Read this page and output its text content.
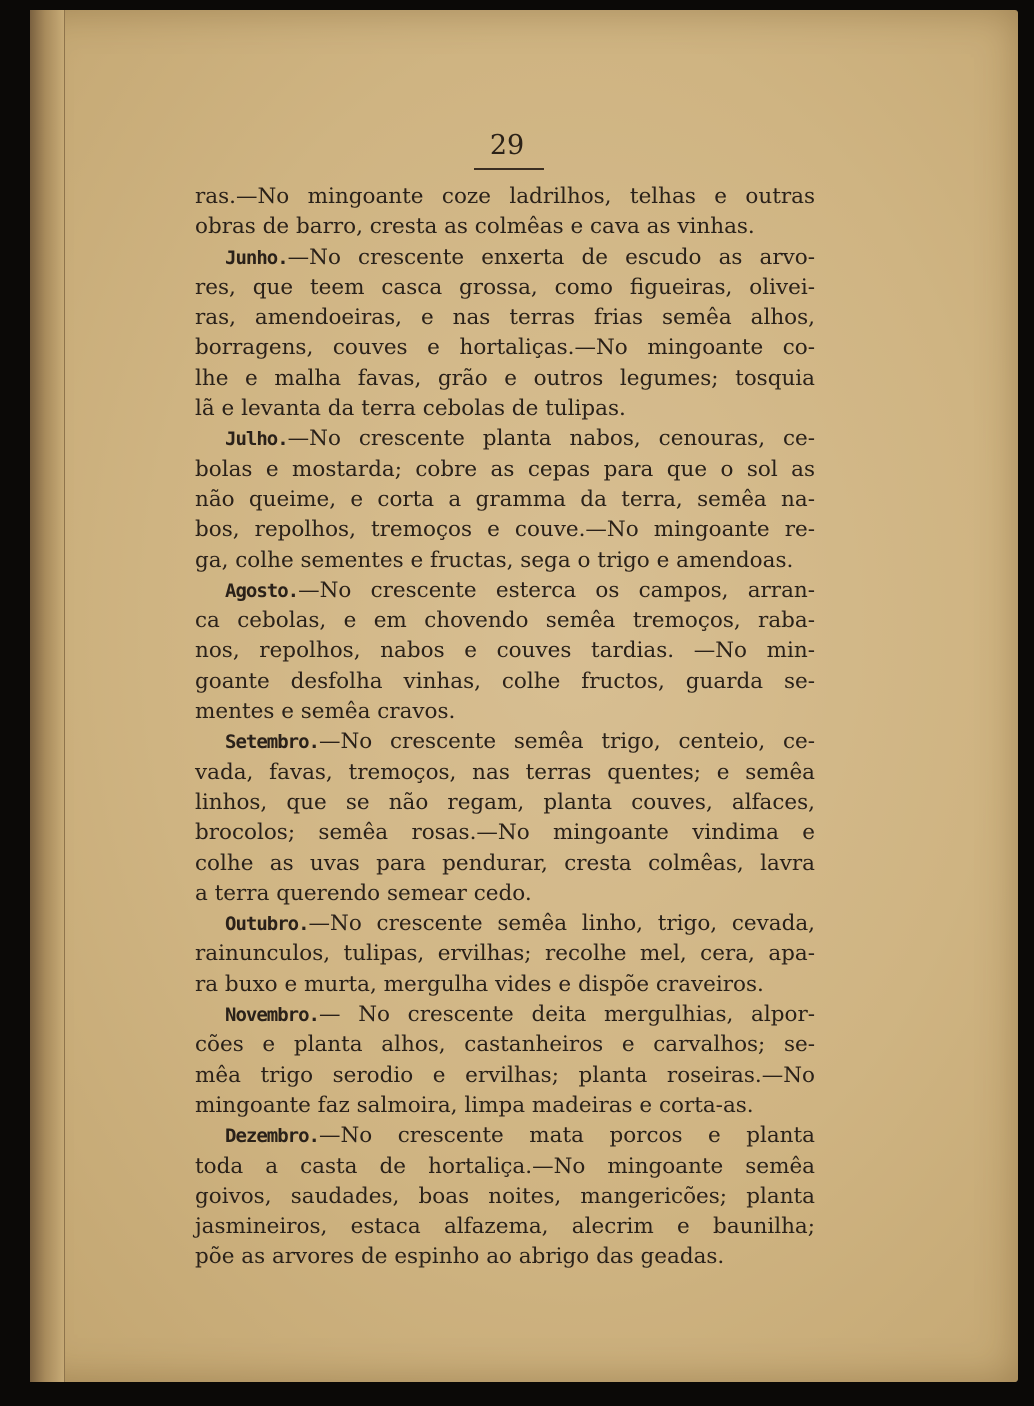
29
ras.—No mingoante coze ladrilhos, telhas e outras
obras de barro, cresta as colmêas e cava as vinhas.
Junho.—No crescente enxerta de escudo as arvo-
res, que teem casca grossa, como figueiras, olivei-
ras, amendoeiras, e nas terras frias semêa alhos,
borragens, couves e hortaliças.—No mingoante co-
lhe e malha favas, grão e outros legumes; tosquia
lã e levanta da terra cebolas de tulipas.
Julho.—No crescente planta nabos, cenouras, ce-
bolas e mostarda; cobre as cepas para que o sol as
não queime, e corta a gramma da terra, semêa na-
bos, repolhos, tremoços e couve.—No mingoante re-
ga, colhe sementes e fructas, sega o trigo e amendoas.
Agosto.—No crescente esterca os campos, arran-
ca cebolas, e em chovendo semêa tremoços, raba-
nos, repolhos, nabos e couves tardias. —No min-
goante desfolha vinhas, colhe fructos, guarda se-
mentes e semêa cravos.
Setembro.—No crescente semêa trigo, centeio, ce-
vada, favas, tremoços, nas terras quentes; e semêa
linhos, que se não regam, planta couves, alfaces,
brocolos; semêa rosas.—No mingoante vindima e
colhe as uvas para pendurar, cresta colmêas, lavra
a terra querendo semear cedo.
Outubro.—No crescente semêa linho, trigo, cevada,
rainunculos, tulipas, ervilhas; recolhe mel, cera, apa-
ra buxo e murta, mergulha vides e dispõe craveiros.
Novembro.— No crescente deita mergulhias, alpor-
cões e planta alhos, castanheiros e carvalhos; se-
mêa trigo serodio e ervilhas; planta roseiras.—No
mingoante faz salmoira, limpa madeiras e corta-as.
Dezembro.—No crescente mata porcos e planta
toda a casta de hortaliça.—No mingoante semêa
goivos, saudades, boas noites, mangericões; planta
jasmineiros, estaca alfazema, alecrim e baunilha;
põe as arvores de espinho ao abrigo das geadas.
